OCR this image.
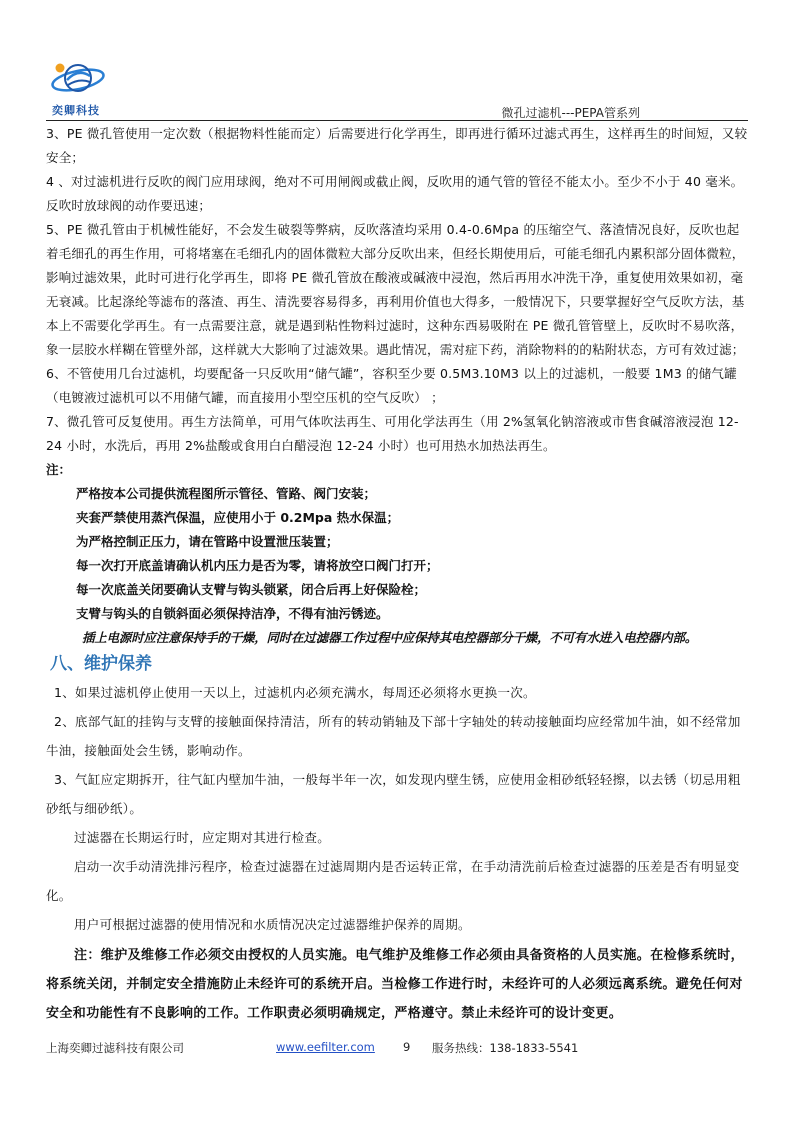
奕卿科技	微孔过滤机---PEPA管系列

3、PE 微孔管使用一定次数（根据物料性能而定）后需要进行化学再生，即再进行循环过滤式再生，这样再生的时间短，又较安全；

4 、对过滤机进行反吹的阀门应用球阀，绝对不可用闸阀或截止阀，反吹用的通气管的管径不能太小。至少不小于 40 毫米。反吹时放球阀的动作要迅速；

5、PE 微孔管由于机械性能好，不会发生破裂等弊病，反吹落渣均采用 0.4-0.6Mpa 的压缩空气、落渣情况良好，反吹也起着毛细孔的再生作用，可将堵塞在毛细孔内的固体微粒大部分反吹出来，但经长期使用后，可能毛细孔内累积部分固体微粒，影响过滤效果，此时可进行化学再生，即将 PE 微孔管放在酸液或碱液中浸泡，然后再用水冲洗干净，重复使用效果如初，毫无衰减。比起涤纶等滤布的落渣、再生、清洗要容易得多，再利用价值也大得多，一般情况下，只要掌握好空气反吹方法，基本上不需要化学再生。有一点需要注意，就是遇到粘性物料过滤时，这种东西易吸附在 PE 微孔管管壁上，反吹时不易吹落，象一层胶水样糊在管壁外部，这样就大大影响了过滤效果。遇此情况，需对症下药，消除物料的的粘附状态，方可有效过滤；

6、不管使用几台过滤机，均要配备一只反吹用“储气罐”，容积至少要 0.5M3.10M3 以上的过滤机，一般要 1M3 的储气罐（电镀液过滤机可以不用储气罐，而直接用小型空压机的空气反吹） ；

7、微孔管可反复使用。再生方法简单，可用气体吹法再生、可用化学法再生（用 2%氢氧化钠溶液或市售食碱溶液浸泡 12-24 小时，水洗后，再用 2%盐酸或食用白白醋浸泡 12-24 小时）也可用热水加热法再生。

注：
严格按本公司提供流程图所示管径、管路、阀门安装；
夹套严禁使用蒸汽保温，应使用小于 0.2Mpa 热水保温；
为严格控制正压力，请在管路中设置泄压装置；
每一次打开底盖请确认机内压力是否为零，请将放空口阀门打开；
每一次底盖关闭要确认支臂与钩头锁紧，闭合后再上好保险栓；
支臂与钩头的自锁斜面必须保持洁净，不得有油污锈迹。
插上电源时应注意保持手的干燥，同时在过滤器工作过程中应保持其电控器部分干燥，不可有水进入电控器内部。
八、维护保养

1、如果过滤机停止使用一天以上，过滤机内必须充满水，每周还必须将水更换一次。

2、底部气缸的挂钩与支臂的接触面保持清洁，所有的转动销轴及下部十字轴处的转动接触面均应经常加牛油，如不经常加牛油，接触面处会生锈，影响动作。

3、气缸应定期拆开，往气缸内壁加牛油，一般每半年一次，如发现内壁生锈，应使用金相砂纸轻轻擦，以去锈（切忌用粗砂纸与细砂纸）。

过滤器在长期运行时，应定期对其进行检查。

启动一次手动清洗排污程序，检查过滤器在过滤周期内是否运转正常，在手动清洗前后检查过滤器的压差是否有明显变化。

用户可根据过滤器的使用情况和水质情况决定过滤器维护保养的周期。

注：维护及维修工作必须交由授权的人员实施。电气维护及维修工作必须由具备资格的人员实施。在检修系统时，将系统关闭，并制定安全措施防止未经许可的系统开启。当检修工作进行时，未经许可的人必须远离系统。避免任何对安全和功能性有不良影响的工作。工作职责必须明确规定，严格遵守。禁止未经许可的设计变更。

上海奕卿过滤科技有限公司	www.eefilter.com 9 服务热线：138-1833-5541
